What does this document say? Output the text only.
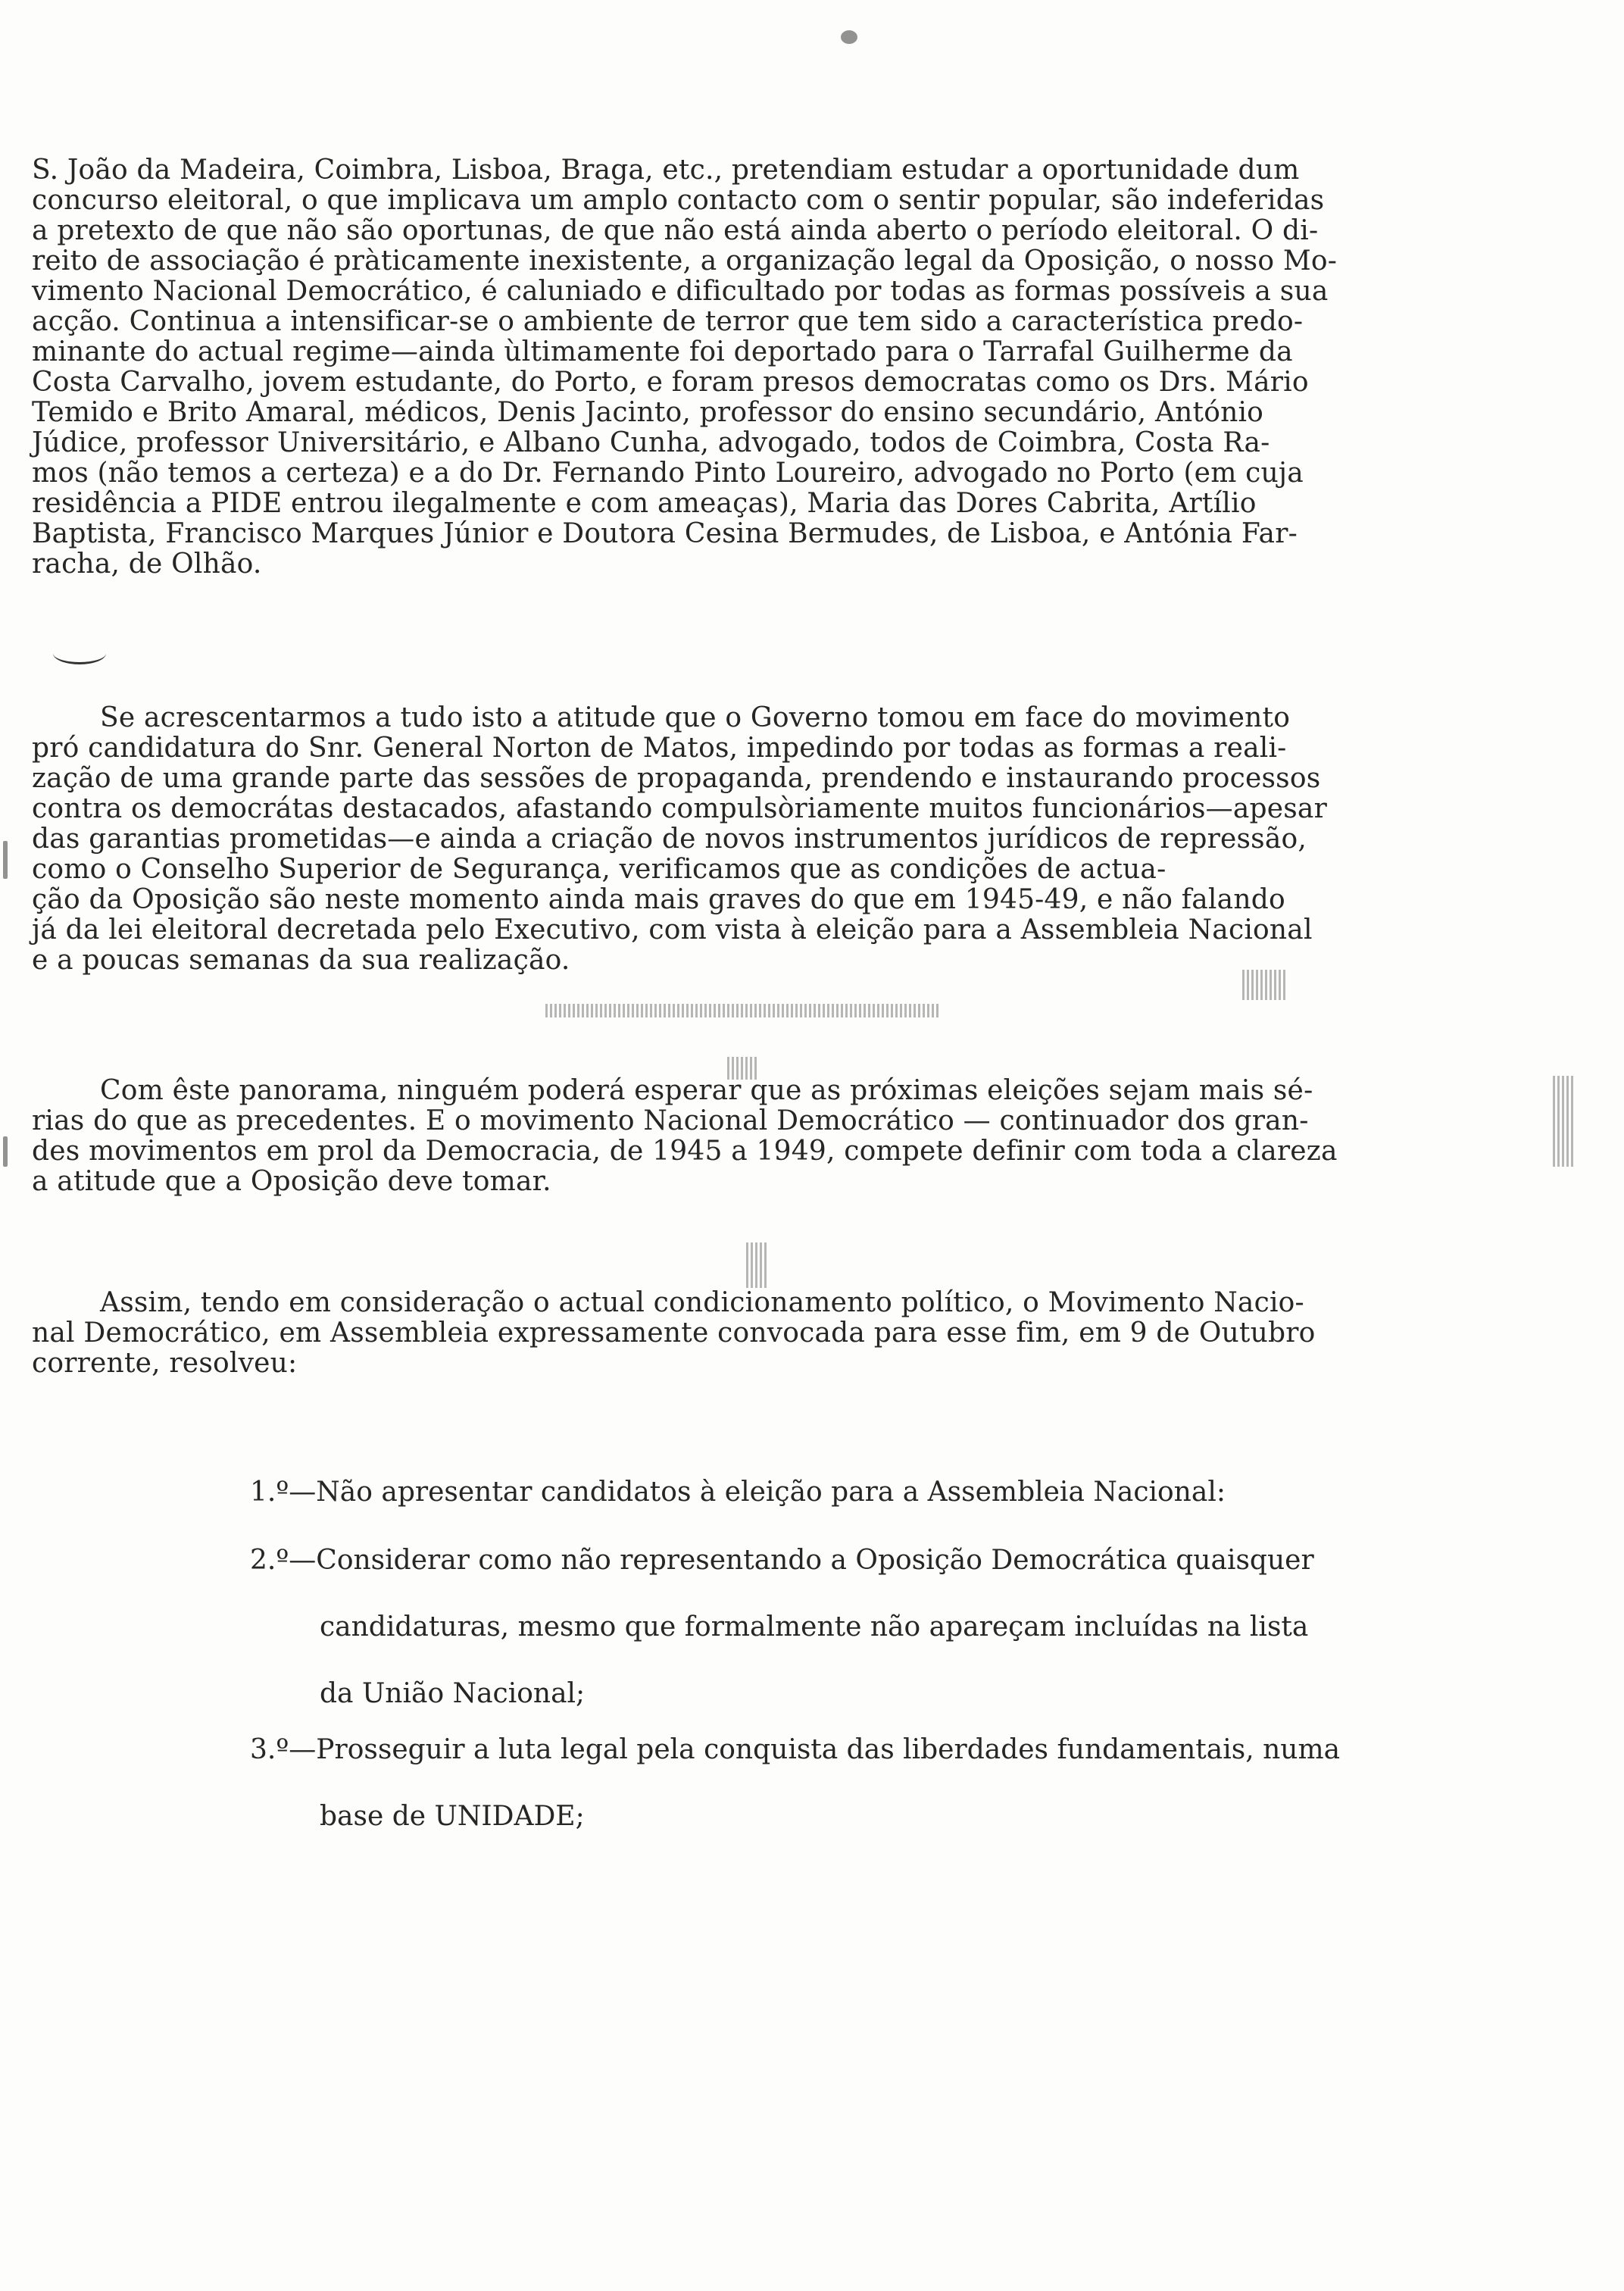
S. João da Madeira, Coimbra, Lisboa, Braga, etc., pretendiam estudar a oportunidade dum
concurso eleitoral, o que implicava um amplo contacto com o sentir popular, são indeferidas
a pretexto de que não são oportunas, de que não está ainda aberto o período eleitoral. O di-
reito de associação é pràticamente inexistente, a organização legal da Oposição, o nosso Mo-
vimento Nacional Democrático, é caluniado e dificultado por todas as formas possíveis a sua
acção. Continua a intensificar-se o ambiente de terror que tem sido a característica predo-
minante do actual regime—ainda ùltimamente foi deportado para o Tarrafal Guilherme da
Costa Carvalho, jovem estudante, do Porto, e foram presos democratas como os Drs. Mário
Temido e Brito Amaral, médicos, Denis Jacinto, professor do ensino secundário, António
Júdice, professor Universitário, e Albano Cunha, advogado, todos de Coimbra, Costa Ra-
mos (não temos a certeza) e a do Dr. Fernando Pinto Loureiro, advogado no Porto (em cuja
residência a PIDE entrou ilegalmente e com ameaças), Maria das Dores Cabrita, Artílio
Baptista, Francisco Marques Júnior e Doutora Cesina Bermudes, de Lisboa, e Antónia Far-
racha, de Olhão.
Se acrescentarmos a tudo isto a atitude que o Governo tomou em face do movimento
pró candidatura do Snr. General Norton de Matos, impedindo por todas as formas a reali-
zação de uma grande parte das sessões de propaganda, prendendo e instaurando processos
contra os democrátas destacados, afastando compulsòriamente muitos funcionários—apesar
das garantias prometidas—e ainda a criação de novos instrumentos jurídicos de repressão,
como o Conselho Superior de Segurança, verificamos que as condições de actua-
ção da Oposição são neste momento ainda mais graves do que em 1945-49, e não falando
já da lei eleitoral decretada pelo Executivo, com vista à eleição para a Assembleia Nacional
e a poucas semanas da sua realização.
Com êste panorama, ninguém poderá esperar que as próximas eleições sejam mais sé-
rias do que as precedentes. E o movimento Nacional Democrático — continuador dos gran-
des movimentos em prol da Democracia, de 1945 a 1949, compete definir com toda a clareza
a atitude que a Oposição deve tomar.
Assim, tendo em consideração o actual condicionamento político, o Movimento Nacio-
nal Democrático, em Assembleia expressamente convocada para esse fim, em 9 de Outubro
corrente, resolveu:
1.º—Não apresentar candidatos à eleição para a Assembleia Nacional:
2.º—Considerar como não representando a Oposição Democrática quaisquer
candidaturas, mesmo que formalmente não apareçam incluídas na lista
da União Nacional;
3.º—Prosseguir a luta legal pela conquista das liberdades fundamentais, numa
base de UNIDADE;
